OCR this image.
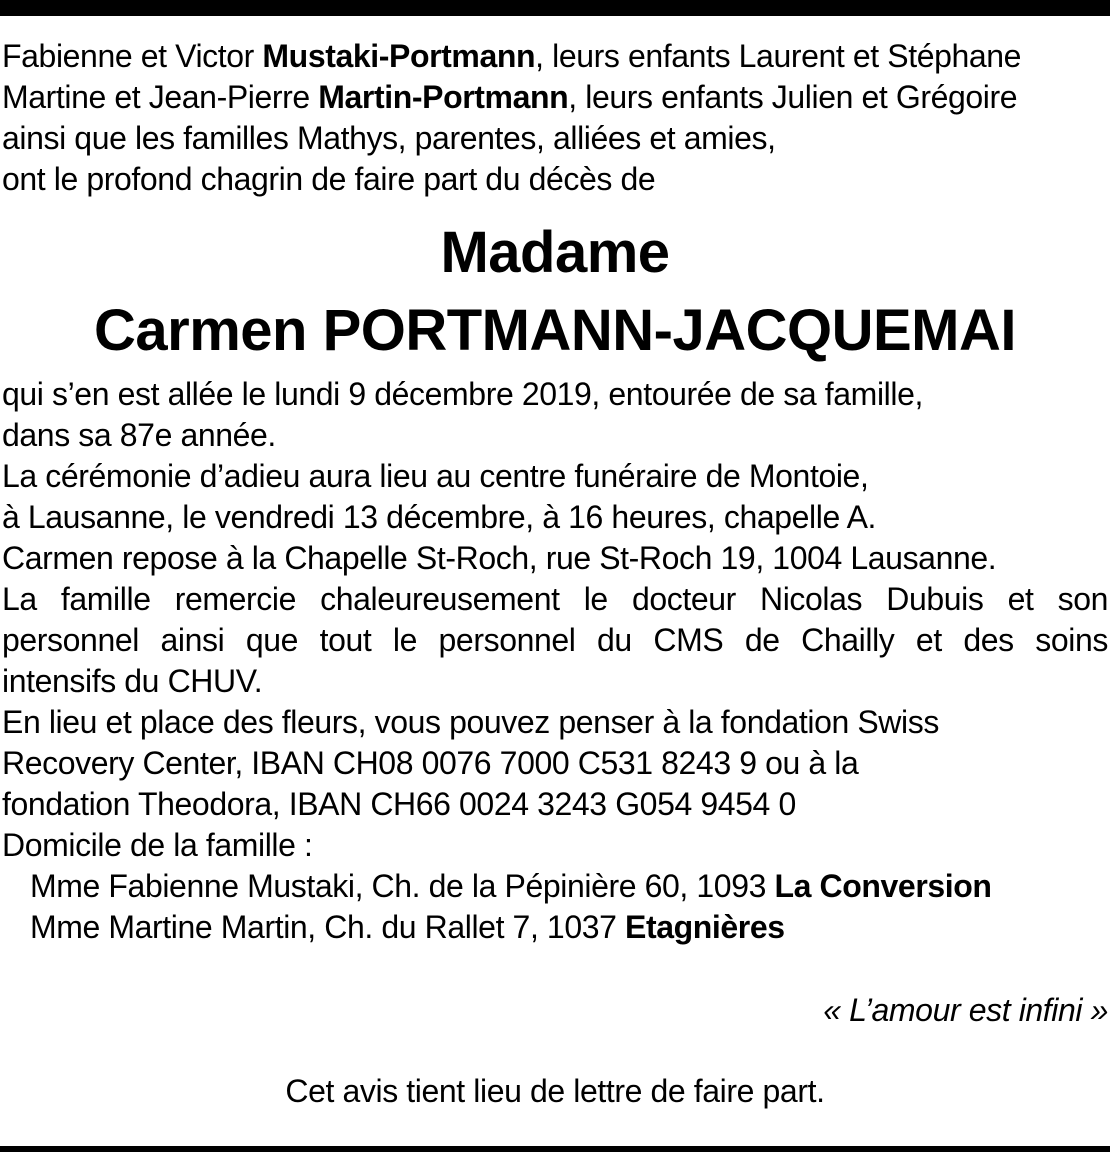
Fabienne et Victor Mustaki-Portmann, leurs enfants Laurent et Stéphane
Martine et Jean-Pierre Martin-Portmann, leurs enfants Julien et Grégoire
ainsi que les familles Mathys, parentes, alliées et amies,
ont le profond chagrin de faire part du décès de
Madame
Carmen PORTMANN-JACQUEMAI
qui s’en est allée le lundi 9 décembre 2019, entourée de sa famille,
dans sa 87e année.
La cérémonie d’adieu aura lieu au centre funéraire de Montoie,
à Lausanne, le vendredi 13 décembre, à 16 heures, chapelle A.
Carmen repose à la Chapelle St-Roch, rue St-Roch 19, 1004 Lausanne.
La famille remercie chaleureusement le docteur Nicolas Dubuis et son
personnel ainsi que tout le personnel du CMS de Chailly et des soins
intensifs du CHUV.
En lieu et place des fleurs, vous pouvez penser à la fondation Swiss
Recovery Center, IBAN CH08 0076 7000 C531 8243 9 ou à la
fondation Theodora, IBAN CH66 0024 3243 G054 9454 0
Domicile de la famille :
Mme Fabienne Mustaki, Ch. de la Pépinière 60, 1093 La Conversion
Mme Martine Martin, Ch. du Rallet 7, 1037 Etagnières
« L’amour est infini »
Cet avis tient lieu de lettre de faire part.
